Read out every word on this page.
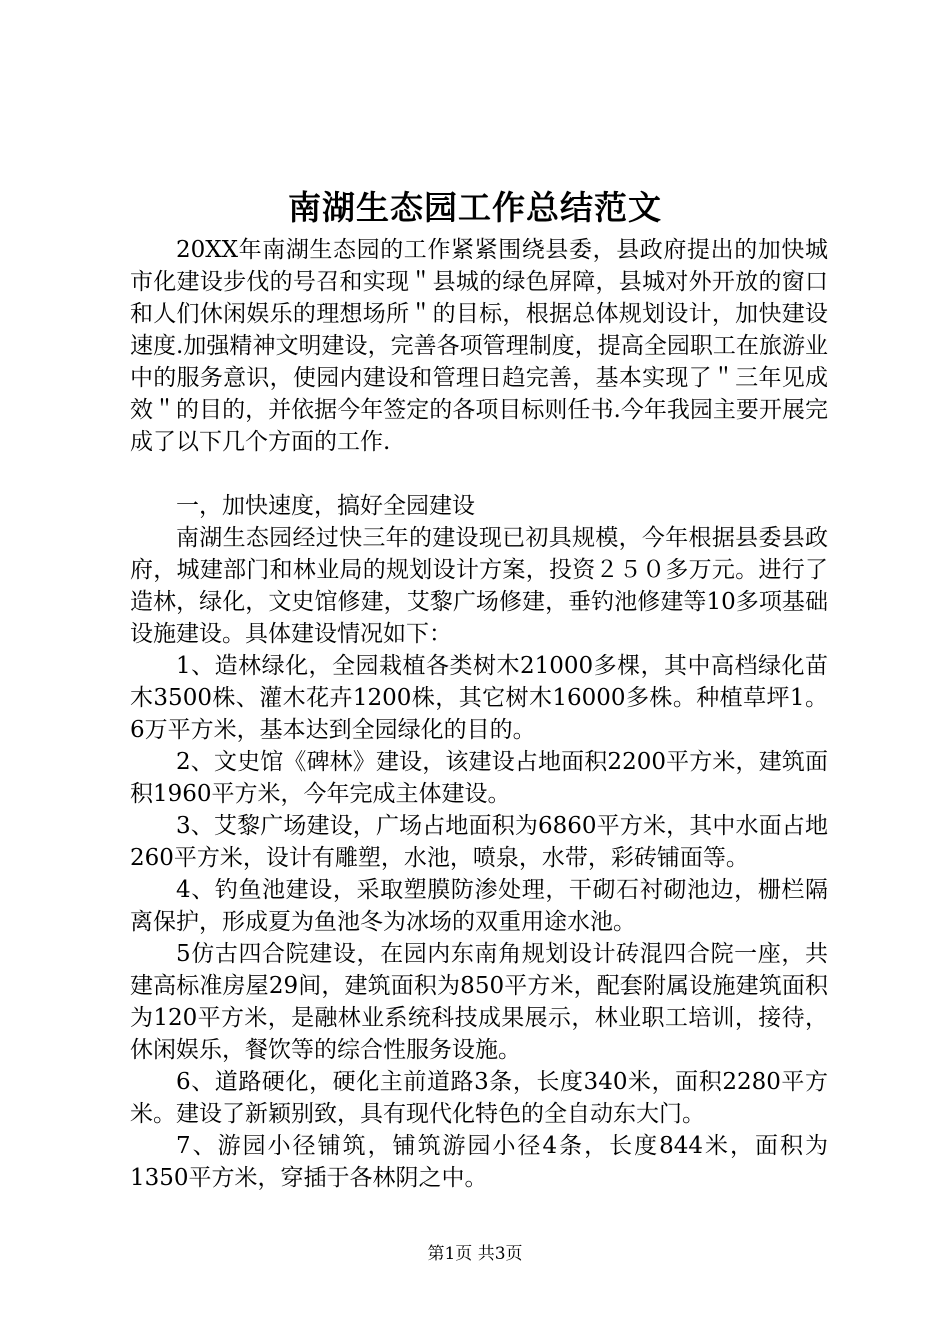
南湖生态园工作总结范文

20XX年南湖生态园的工作紧紧围绕县委，县政府提出的加快城市化建设步伐的号召和实现＂县城的绿色屏障，县城对外开放的窗口和人们休闲娱乐的理想场所＂的目标，根据总体规划设计，加快建设速度.加强精神文明建设，完善各项管理制度，提高全园职工在旅游业中的服务意识，使园内建设和管理日趋完善，基本实现了＂三年见成效＂的目的，并依据今年签定的各项目标则任书.今年我园主要开展完成了以下几个方面的工作.

一，加快速度，搞好全园建设

南湖生态园经过快三年的建设现已初具规模，今年根据县委县政府，城建部门和林业局的规划设计方案，投资２５０多万元。进行了造林，绿化，文史馆修建，艾黎广场修建，垂钓池修建等10多项基础设施建设。具体建设情况如下：

1、造林绿化，全园栽植各类树木21000多棵，其中高档绿化苗木3500株、灌木花卉1200株，其它树木16000多株。种植草坪1。6万平方米，基本达到全园绿化的目的。

2、文史馆《碑林》建设，该建设占地面积2200平方米，建筑面积1960平方米，今年完成主体建设。

3、艾黎广场建设，广场占地面积为6860平方米，其中水面占地260平方米，设计有雕塑，水池，喷泉，水带，彩砖铺面等。

4、钓鱼池建设，采取塑膜防渗处理，干砌石衬砌池边，栅栏隔离保护，形成夏为鱼池冬为冰场的双重用途水池。

5仿古四合院建设，在园内东南角规划设计砖混四合院一座，共建高标准房屋29间，建筑面积为850平方米，配套附属设施建筑面积为120平方米，是融林业系统科技成果展示，林业职工培训，接待，休闲娱乐，餐饮等的综合性服务设施。

6、道路硬化，硬化主前道路3条，长度340米，面积2280平方米。建设了新颖别致，具有现代化特色的全自动东大门。

7、游园小径铺筑，铺筑游园小径4条，长度844米，面积为1350平方米，穿插于各林阴之中。

第1页 共3页
